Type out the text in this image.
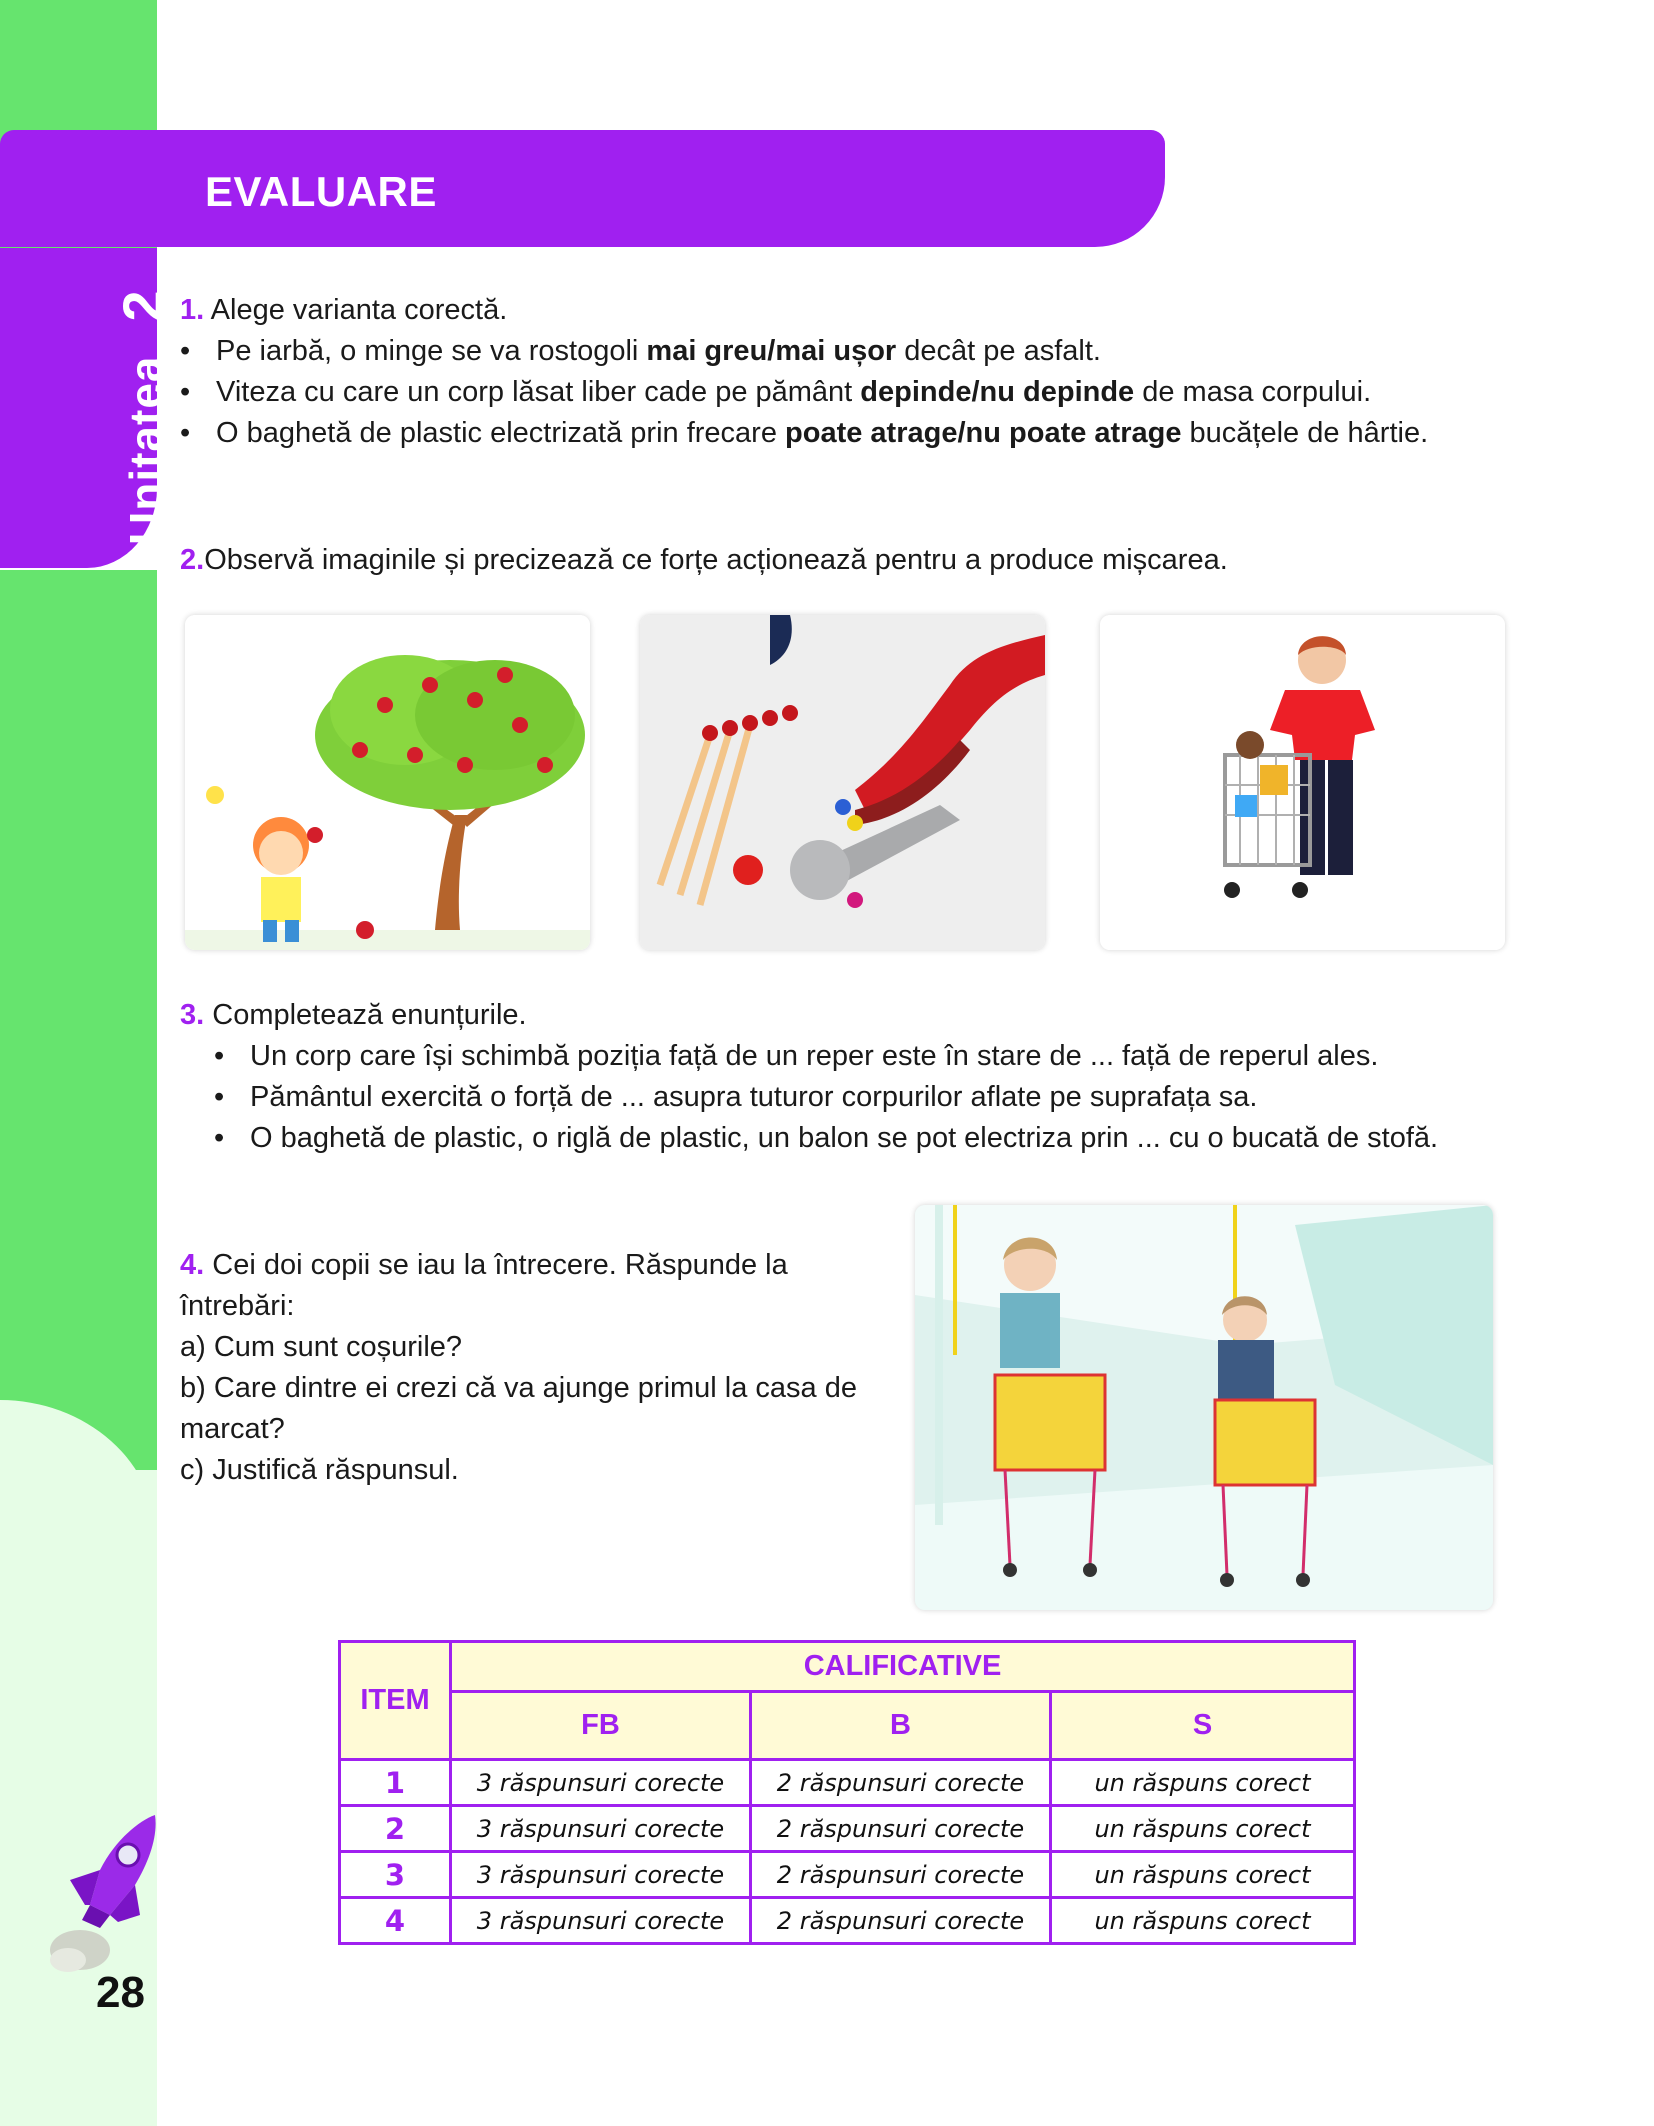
Unitatea2
EVALUARE
1. Alege varianta corectă.
• Pe iarbă, o minge se va rostogoli mai greu/mai ușor decât pe asfalt.
• Viteza cu care un corp lăsat liber cade pe pământ depinde/nu depinde de masa corpului.
• O baghetă de plastic electrizată prin frecare poate atrage/nu poate atrage bucățele de hârtie.
2.Observă imaginile și precizează ce forțe acționează pentru a produce mișcarea.
3. Completează enunțurile.
• Un corp care își schimbă poziția față de un reper este în stare de ... față de reperul ales.
• Pământul exercită o forță de ... asupra tuturor corpurilor aflate pe suprafața sa.
• O baghetă de plastic, o riglă de plastic, un balon se pot electriza prin ... cu o bucată de stofă.
4. Cei doi copii se iau la întrecere. Răspunde la întrebări:
a) Cum sunt coșurile?
b) Care dintre ei crezi că va ajunge primul la casa de marcat?
c) Justifică răspunsul.
ITEM	CALIFICATIVE		
	FB	B	S
1	3 răspunsuri corecte	2 răspunsuri corecte	un răspuns corect
2	3 răspunsuri corecte	2 răspunsuri corecte	un răspuns corect
3	3 răspunsuri corecte	2 răspunsuri corecte	un răspuns corect
4	3 răspunsuri corecte	2 răspunsuri corecte	un răspuns corect
28
